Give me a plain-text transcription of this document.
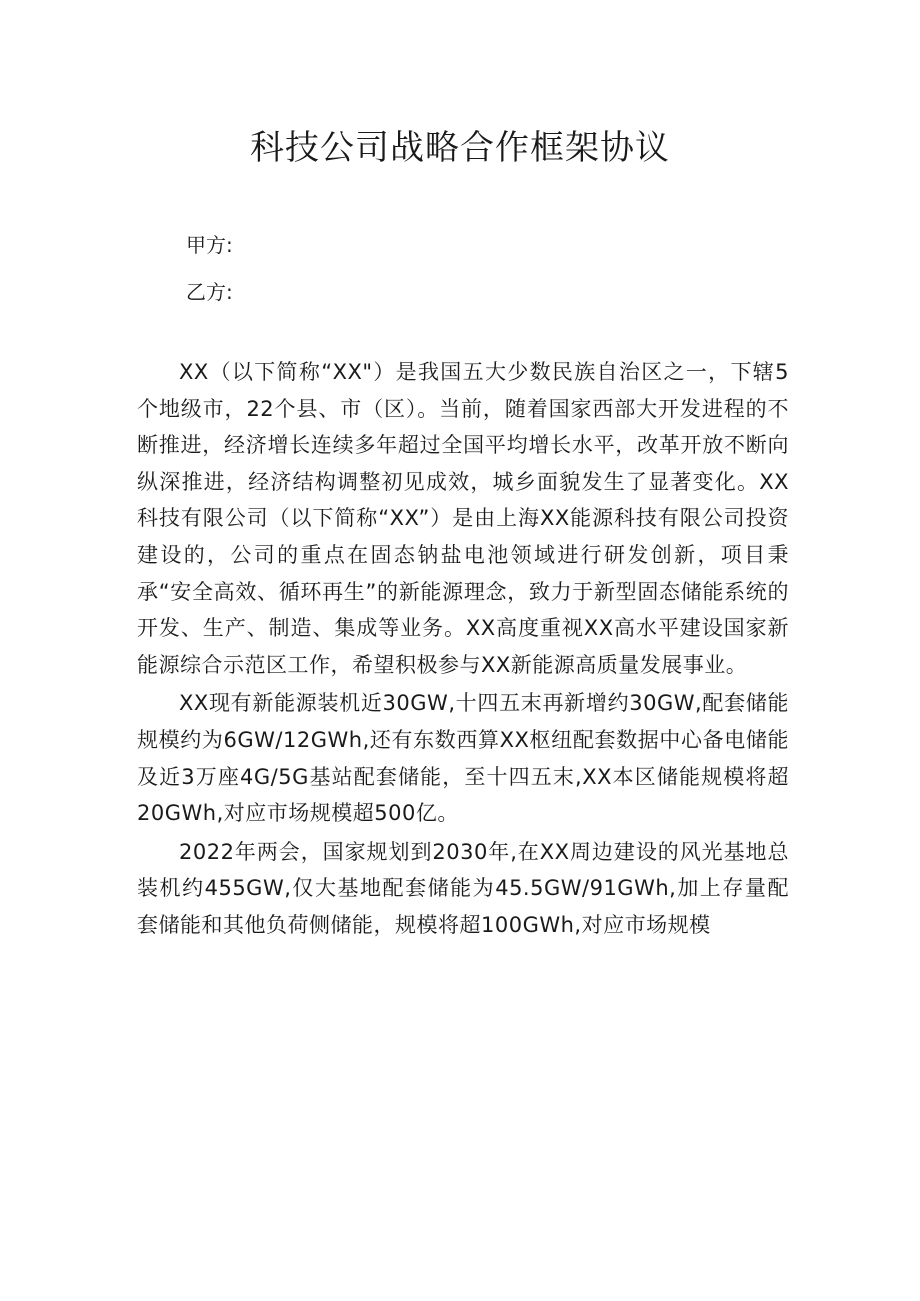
科技公司战略合作框架协议

甲方:

乙方:

XX（以下简称“XX"）是我国五大少数民族自治区之一，下辖5个地级市，22个县、市（区）。当前，随着国家西部大开发进程的不断推进，经济增长连续多年超过全国平均增长水平，改革开放不断向纵深推进，经济结构调整初见成效，城乡面貌发生了显著变化。XX科技有限公司（以下简称“XX”）是由上海XX能源科技有限公司投资建设的，公司的重点在固态钠盐电池领域进行研发创新，项目秉承“安全高效、循环再生”的新能源理念，致力于新型固态储能系统的开发、生产、制造、集成等业务。XX高度重视XX高水平建设国家新能源综合示范区工作，希望积极参与XX新能源高质量发展事业。

XX现有新能源装机近30GW,十四五末再新增约30GW,配套储能规模约为6GW/12GWh,还有东数西算XX枢纽配套数据中心备电储能及近3万座4G/5G基站配套储能，至十四五末,XX本区储能规模将超20GWh,对应市场规模超500亿。

2022年两会，国家规划到2030年,在XX周边建设的风光基地总装机约455GW,仅大基地配套储能为45.5GW/91GWh,加上存量配套储能和其他负荷侧储能，规模将超100GWh,对应市场规模
